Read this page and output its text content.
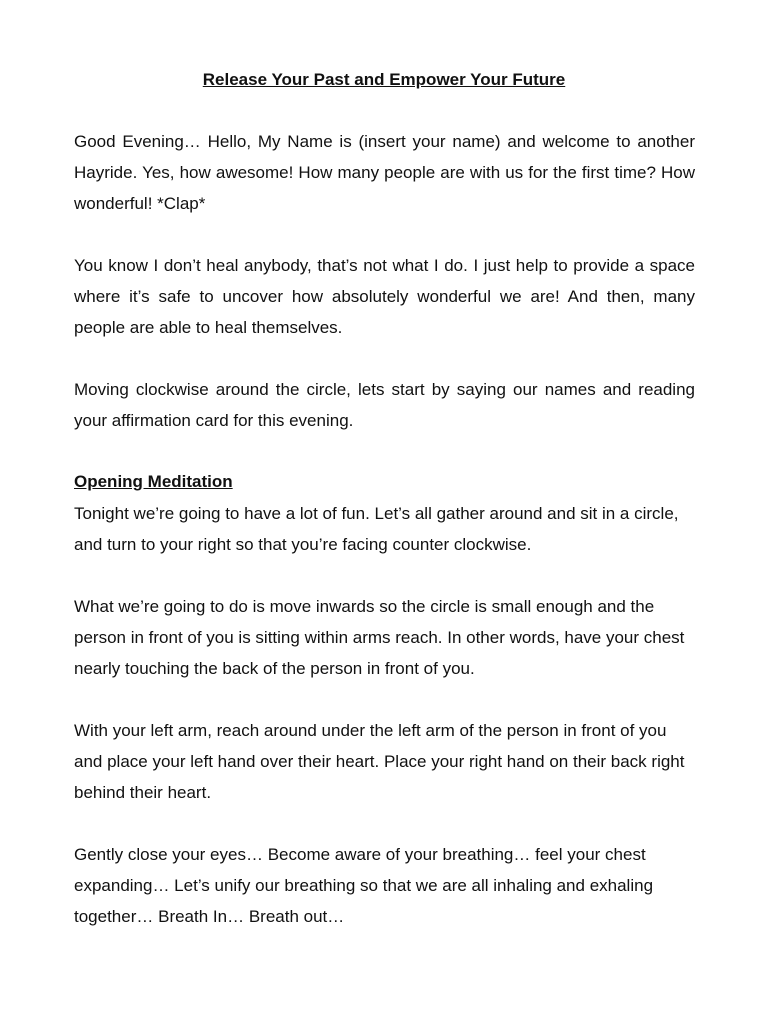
Release Your Past and Empower Your Future

Good Evening… Hello, My Name is (insert your name) and welcome to another Hayride. Yes, how awesome! How many people are with us for the first time? How wonderful! *Clap*

You know I don’t heal anybody, that’s not what I do. I just help to provide a space where it’s safe to uncover how absolutely wonderful we are! And then, many people are able to heal themselves.

Moving clockwise around the circle, lets start by saying our names and reading your affirmation card for this evening.

Opening Meditation

Tonight we’re going to have a lot of fun. Let’s all gather around and sit in a circle, and turn to your right so that you’re facing counter clockwise.

What we’re going to do is move inwards so the circle is small enough and the person in front of you is sitting within arms reach. In other words, have your chest nearly touching the back of the person in front of you.

With your left arm, reach around under the left arm of the person in front of you and place your left hand over their heart. Place your right hand on their back right behind their heart.

Gently close your eyes… Become aware of your breathing… feel your chest expanding… Let’s unify our breathing so that we are all inhaling and exhaling together… Breath In… Breath out…
